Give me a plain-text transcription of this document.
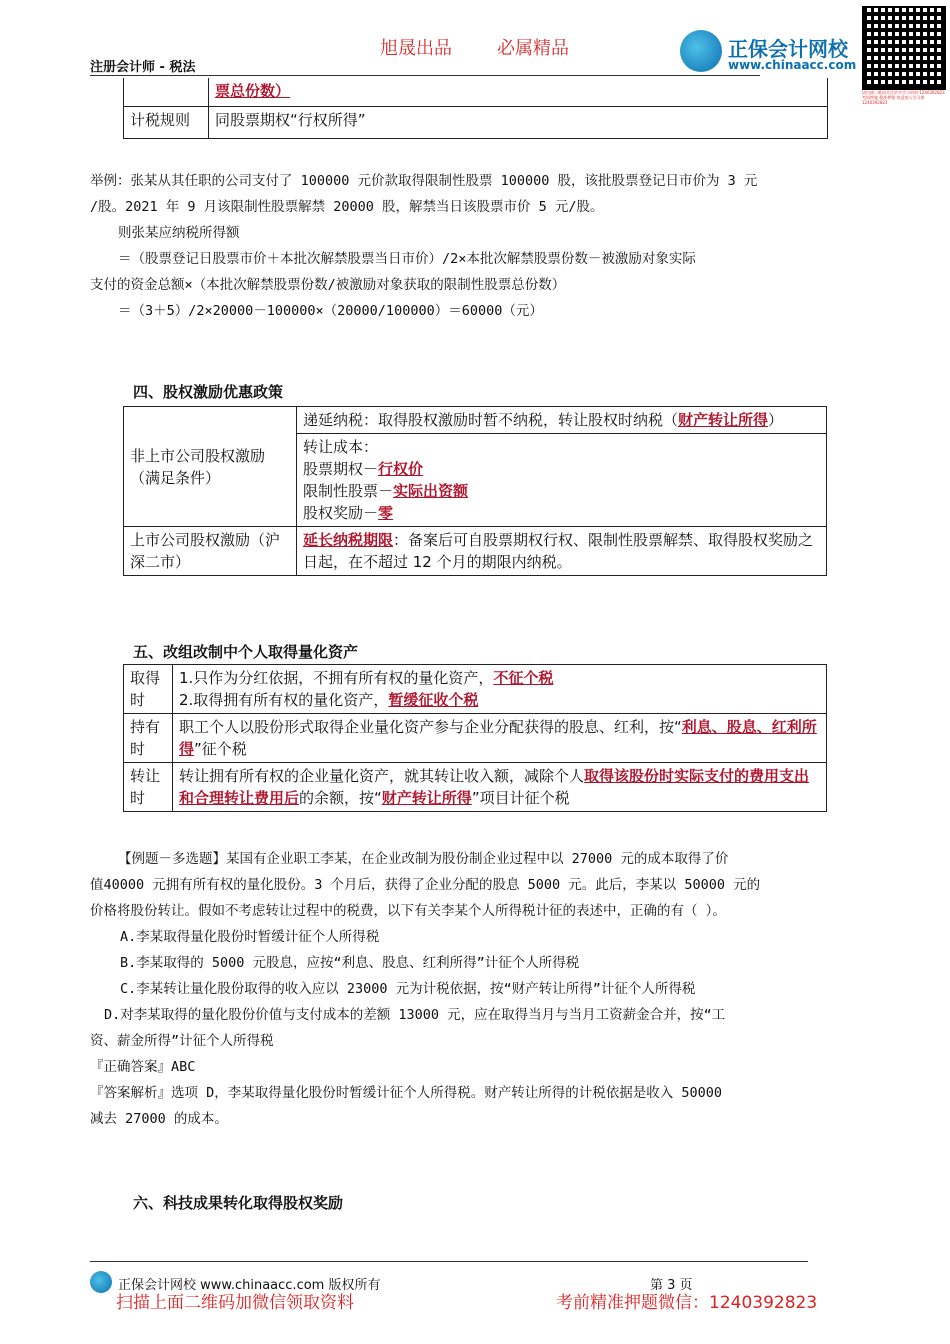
旭晟出品	必属精品
注册会计师 - 税法
正保会计网校
www.chinaacc.com
请扫描二维码关注更多学习资料 1240392823 考前押题 精准押题 欢迎加入学习群 1240392823
	票总份数）
计税规则	同股票期权“行权所得”
举例：张某从其任职的公司支付了 100000 元价款取得限制性股票 100000 股，该批股票登记日市价为 3 元
/股。2021 年 9 月该限制性股票解禁 20000 股，解禁当日该股票市价 5 元/股。
则张某应纳税所得额
＝（股票登记日股票市价＋本批次解禁股票当日市价）/2×本批次解禁股票份数－被激励对象实际
支付的资金总额×（本批次解禁股票份数/被激励对象获取的限制性股票总份数）
＝（3＋5）/2×20000－100000×（20000/100000）＝60000（元）
四、股权激励优惠政策
非上市公司股权激励（满足条件）	递延纳税：取得股权激励时暂不纳税，转让股权时纳税（财产转让所得）

	转让成本：
股票期权－行权价
限制性股票－实际出资额
股权奖励－零

上市公司股权激励（沪深二市）	延长纳税期限：备案后可自股票期权行权、限制性股票解禁、取得股权奖励之日起，在不超过 12 个月的期限内纳税。
五、改组改制中个人取得量化资产
取得时	1.只作为分红依据，不拥有所有权的量化资产，不征个税
2.取得拥有所有权的量化资产，暂缓征收个税

持有时	职工个人以股份形式取得企业量化资产参与企业分配获得的股息、红利，按“利息、股息、红利所得”征个税
转让时	转让拥有所有权的企业量化资产，就其转让收入额，减除个人取得该股份时实际支付的费用支出和合理转让费用后的余额，按“财产转让所得”项目计征个税
【例题－多选题】某国有企业职工李某，在企业改制为股份制企业过程中以 27000 元的成本取得了价
值40000 元拥有所有权的量化股份。3 个月后，获得了企业分配的股息 5000 元。此后，李某以 50000 元的
价格将股份转让。假如不考虑转让过程中的税费，以下有关李某个人所得税计征的表述中，正确的有（ ）。
A.李某取得量化股份时暂缓计征个人所得税
B.李某取得的 5000 元股息，应按“利息、股息、红利所得”计征个人所得税
C.李某转让量化股份取得的收入应以 23000 元为计税依据，按“财产转让所得”计征个人所得税
D.对李某取得的量化股份价值与支付成本的差额 13000 元，应在取得当月与当月工资薪金合并，按“工
资、薪金所得”计征个人所得税
『正确答案』ABC
『答案解析』选项 D，李某取得量化股份时暂缓计征个人所得税。财产转让所得的计税依据是收入 50000
减去 27000 的成本。
六、科技成果转化取得股权奖励
正保会计网校 www.chinaacc.com 版权所有	第 3 页
扫描上面二维码加微信领取资料	考前精准押题微信：1240392823
